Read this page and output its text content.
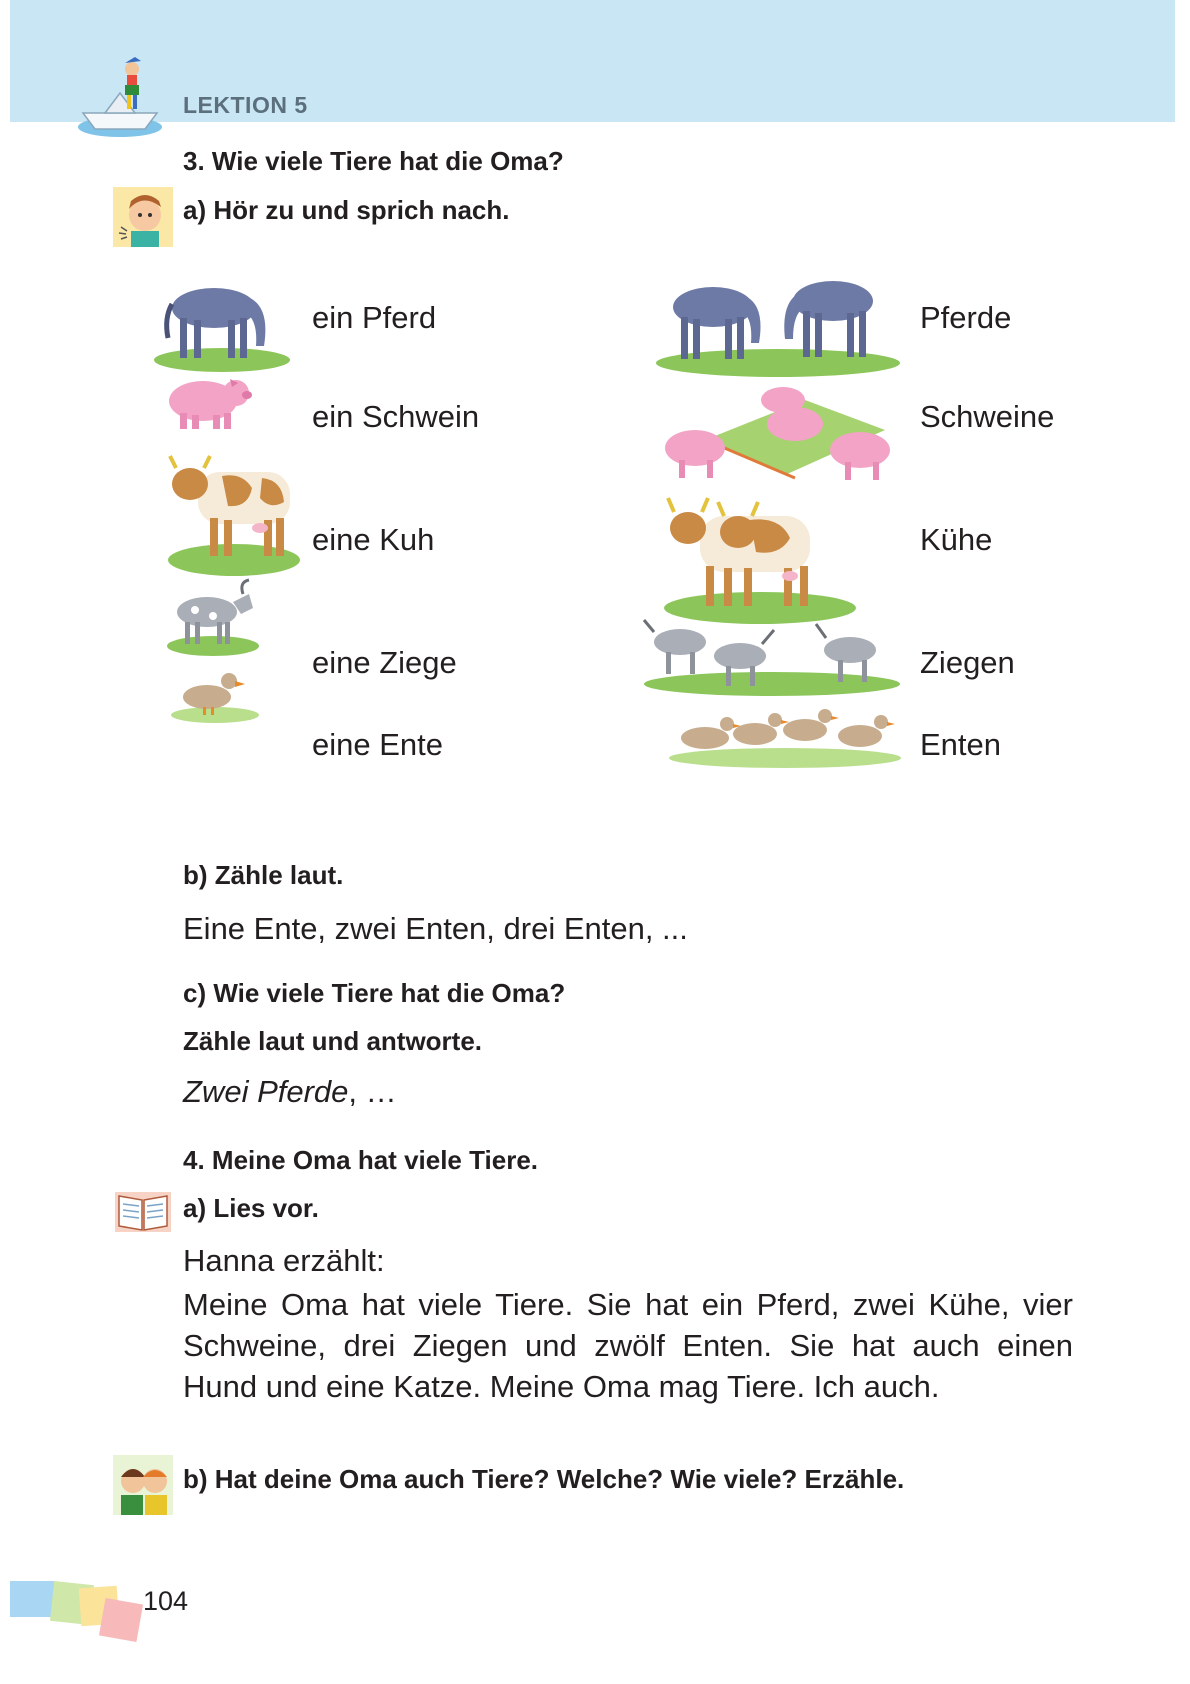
LEKTION 5
3. Wie viele Tiere hat die Oma?
a) Hör zu und sprich nach.
ein Pferd	Pferde
ein Schwein	Schweine
eine Kuh	Kühe
eine Ziege	Ziegen
eine Ente	Enten
b) Zähle laut.
Eine Ente, zwei Enten, drei Enten, ...
c) Wie viele Tiere hat die Oma?
Zähle laut und antworte.
Zwei Pferde, …
4. Meine Oma hat viele Tiere.
a) Lies vor.
Hanna erzählt:
Meine Oma hat viele Tiere. Sie hat ein Pferd, zwei Kühe, vier Schweine, drei Ziegen und zwölf Enten. Sie hat auch einen Hund und eine Katze. Meine Oma mag Tiere. Ich auch.
b) Hat deine Oma auch Tiere? Welche? Wie viele? Erzähle.
104
